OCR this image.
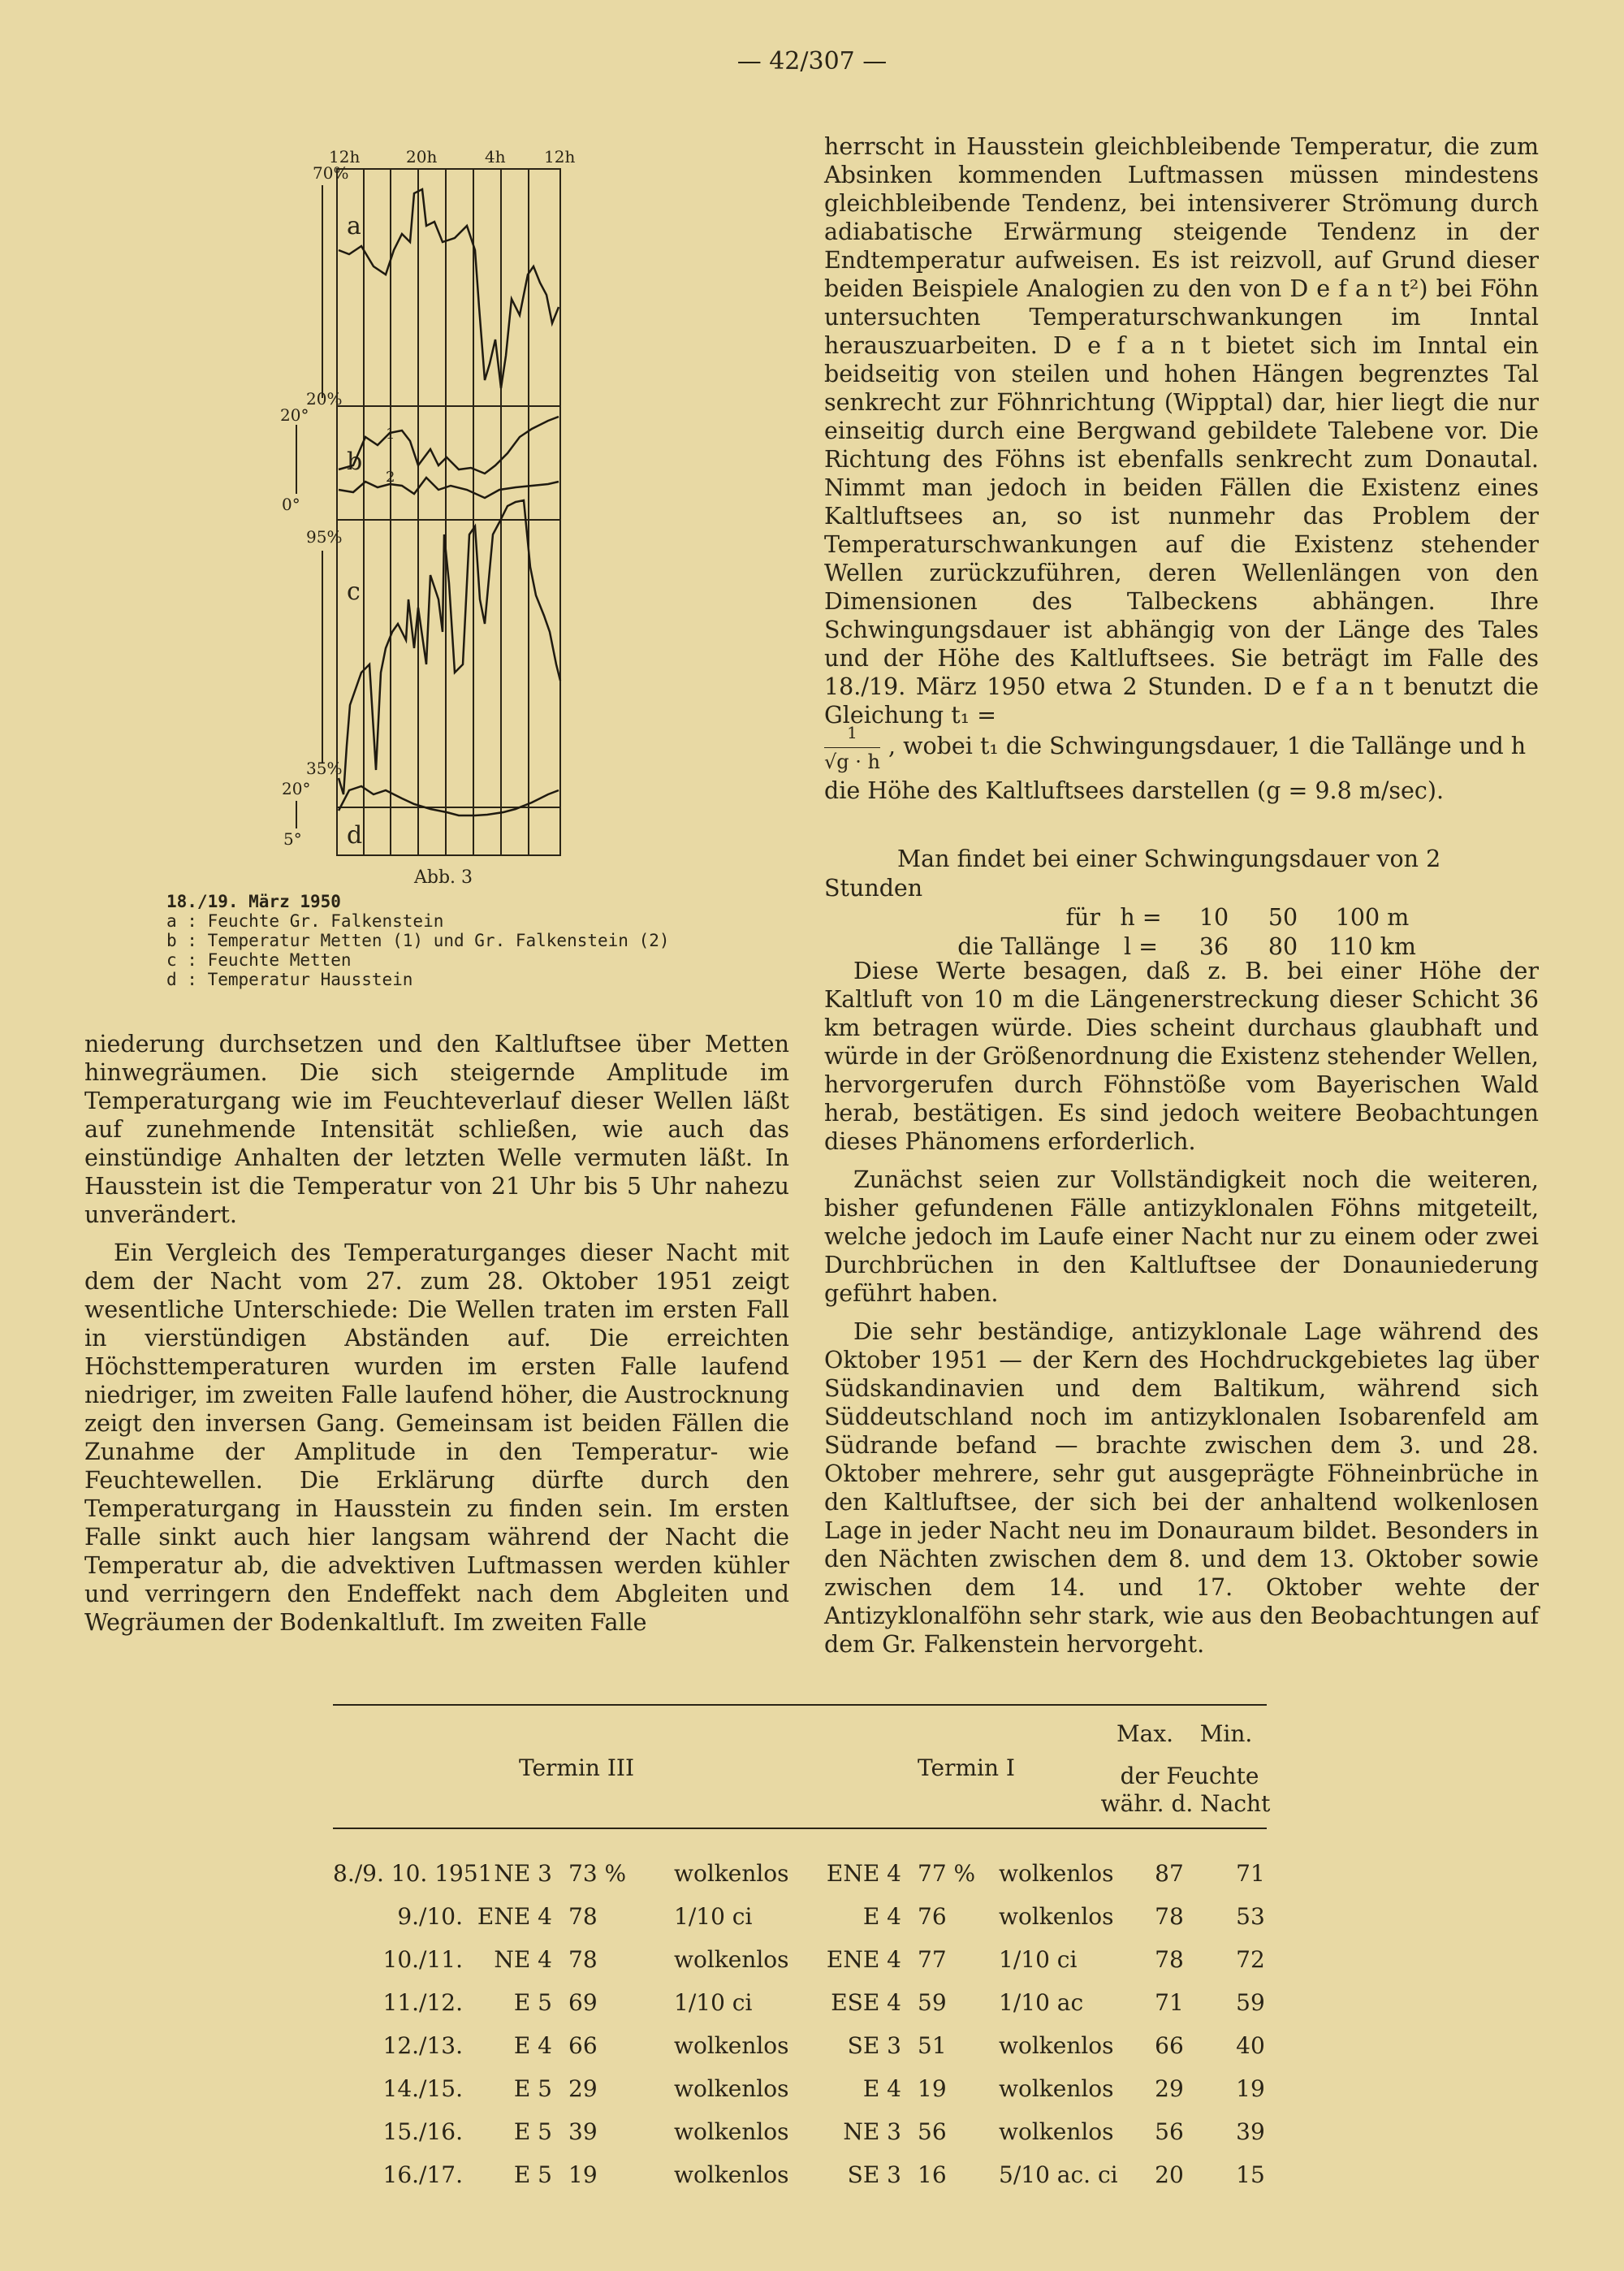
— 42/307 —
12h	20h	4h 12h
70%
20%
20°
0°
95%
35%
20°
5°
a
b
c
d
1
2
Abb. 3
18./19. März 1950
a : Feuchte Gr. Falkenstein
b : Temperatur Metten (1) und Gr. Falkenstein (2)
c : Feuchte Metten
d : Temperatur Hausstein

herrscht in Hausstein gleichbleibende Temperatur, die zum Absinken kommenden Luftmassen müssen mindestens gleichbleibende Tendenz, bei intensiverer Strömung durch adiabatische Erwärmung steigende Tendenz in der Endtemperatur aufweisen. Es ist reizvoll, auf Grund dieser beiden Beispiele Analogien zu den von D e f a n t²) bei Föhn untersuchten Temperaturschwankungen im Inntal herauszuarbeiten. D e f a n t bietet sich im Inntal ein beidseitig von steilen und hohen Hängen begrenztes Tal senkrecht zur Föhnrichtung (Wipptal) dar, hier liegt die nur einseitig durch eine Bergwand gebildete Talebene vor. Die Richtung des Föhns ist ebenfalls senkrecht zum Donautal. Nimmt man jedoch in beiden Fällen die Existenz eines Kaltluftsees an, so ist nunmehr das Problem der Temperaturschwankungen auf die Existenz stehender Wellen zurückzuführen, deren Wellenlängen von den Dimensionen des Talbeckens abhängen. Ihre Schwingungsdauer ist abhängig von der Länge des Tales und der Höhe des Kaltluftsees. Sie beträgt im Falle des 18./19. März 1950 etwa 2 Stunden. D e f a n t benutzt die Gleichung t₁ =

$\frac{1}{√g \cdot h}$ , wobei t₁ die Schwingungsdauer, 1 die Tallänge und h die Höhe des Kaltluftsees darstellen (g = 9.8 m/sec).
Man findet bei einer Schwingungsdauer von 2 Stunden
für h =	10	50	100 m
die Tallänge	l =	36	80	110 km

Diese Werte besagen, daß z. B. bei einer Höhe der Kaltluft von 10 m die Längenerstreckung dieser Schicht 36 km betragen würde. Dies scheint durchaus glaubhaft und würde in der Größenordnung die Existenz stehender Wellen, hervorgerufen durch Föhnstöße vom Bayerischen Wald herab, bestätigen. Es sind jedoch weitere Beobachtungen dieses Phänomens erforderlich.

Zunächst seien zur Vollständigkeit noch die weiteren, bisher gefundenen Fälle antizyklonalen Föhns mitgeteilt, welche jedoch im Laufe einer Nacht nur zu einem oder zwei Durchbrüchen in den Kaltluftsee der Donauniederung geführt haben.

Die sehr beständige, antizyklonale Lage während des Oktober 1951 — der Kern des Hochdruckgebietes lag über Südskandinavien und dem Baltikum, während sich Süddeutschland noch im antizyklonalen Isobarenfeld am Südrande befand — brachte zwischen dem 3. und 28. Oktober mehrere, sehr gut ausgeprägte Föhneinbrüche in den Kaltluftsee, der sich bei der anhaltend wolkenlosen Lage in jeder Nacht neu im Donauraum bildet. Besonders in den Nächten zwischen dem 8. und dem 13. Oktober sowie zwischen dem 14. und 17. Oktober wehte der Antizyklonalföhn sehr stark, wie aus den Beobachtungen auf dem Gr. Falkenstein hervorgeht.

niederung durchsetzen und den Kaltluftsee über Metten hinwegräumen. Die sich steigernde Amplitude im Temperaturgang wie im Feuchteverlauf dieser Wellen läßt auf zunehmende Intensität schließen, wie auch das einstündige Anhalten der letzten Welle vermuten läßt. In Hausstein ist die Temperatur von 21 Uhr bis 5 Uhr nahezu unverändert.

Ein Vergleich des Temperaturganges dieser Nacht mit dem der Nacht vom 27. zum 28. Oktober 1951 zeigt wesentliche Unterschiede: Die Wellen traten im ersten Fall in vierstündigen Abständen auf. Die erreichten Höchsttemperaturen wurden im ersten Falle laufend niedriger, im zweiten Falle laufend höher, die Austrocknung zeigt den inversen Gang. Gemeinsam ist beiden Fällen die Zunahme der Amplitude in den Temperatur- wie Feuchtewellen. Die Erklärung dürfte durch den Temperaturgang in Hausstein zu finden sein. Im ersten Falle sinkt auch hier langsam während der Nacht die Temperatur ab, die advektiven Luftmassen werden kühler und verringern den Endeffekt nach dem Abgleiten und Wegräumen der Bodenkaltluft. Im zweiten Falle

Termin III	Termin I
Max. Min.
der Feuchte
währ. d. Nacht
8./9. 10. 1951 NE 3 73 % wolkenlos	ENE 4 77 % wolkenlos	87	71
9./10. ENE 4 78	1/10 ci	E 4 76	wolkenlos	78	53
10./11.	NE 4 78	wolkenlos	ENE 4 77	1/10 ci	78	72
11./12.	E 5 69	1/10 ci	ESE 4 59	1/10 ac	71	59
12./13.	E 4 66	wolkenlos	SE 3 51	wolkenlos	66	40
14./15.	E 5 29	wolkenlos	E 4 19	wolkenlos	29	19
15./16.	E 5 39	wolkenlos	NE 3 56	wolkenlos	56	39
16./17.	E 5 19	wolkenlos	SE 3 16	5/10 ac. ci	20	15
